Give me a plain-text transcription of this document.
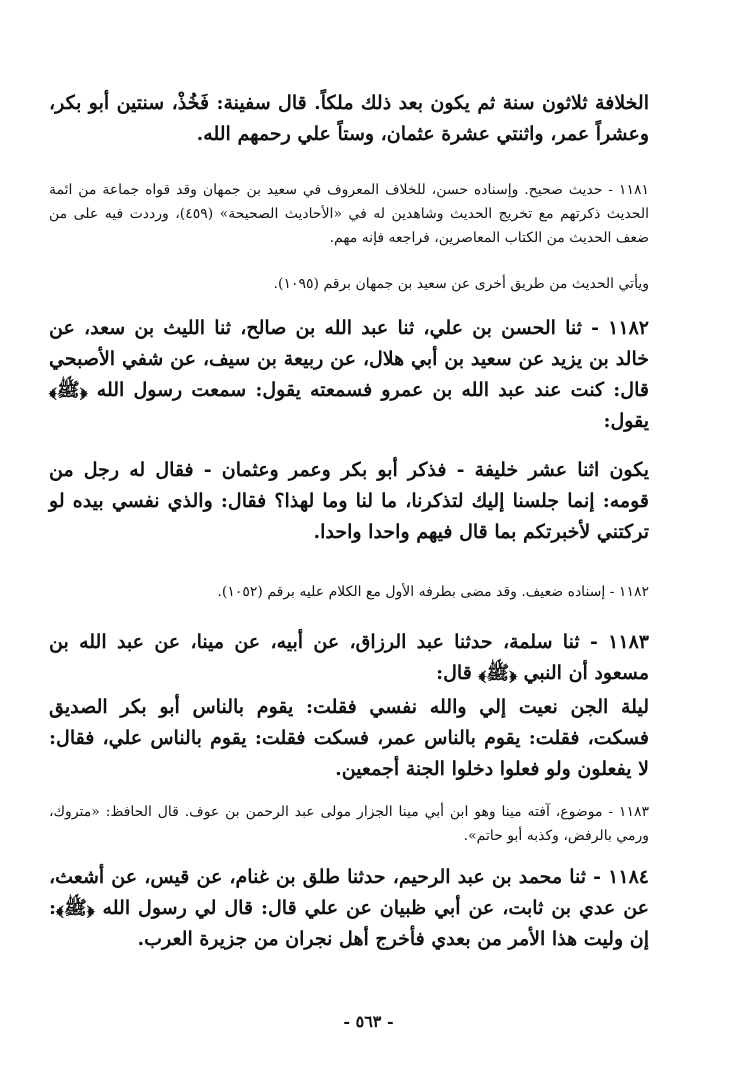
الخلافة ثلاثون سنة ثم يكون بعد ذلك ملكاً. قال سفينة: فَخُذْ، سنتين أبو بكر، وعشراً عمر، واثنتي عشرة عثمان، وستاً علي رحمهم الله.
١١٨١ - حديث صحيح. وإسناده حسن، للخلاف المعروف في سعيد بن جمهان وقد قواه جماعة من ائمة الحديث ذكرتهم مع تخريج الحديث وشاهدين له في «الأحاديث الصحيحة» (٤٥٩)، ورددت فيه على من ضعف الحديث من الكتاب المعاصرين، فراجعه فإنه مهم.
ويأتي الحديث من طريق أخرى عن سعيد بن جمهان برقم (١٠٩٥).
١١٨٢ - ثنا الحسن بن علي، ثنا عبد الله بن صالح، ثنا الليث بن سعد، عن خالد بن يزيد عن سعيد بن أبي هلال، عن ربيعة بن سيف، عن شفي الأصبحي قال: كنت عند عبد الله بن عمرو فسمعته يقول: سمعت رسول الله ﴿ﷺ﴾ يقول:
يكون اثنا عشر خليفة - فذكر أبو بكر وعمر وعثمان - فقال له رجل من قومه: إنما جلسنا إليك لتذكرنا، ما لنا وما لهذا؟ فقال: والذي نفسي بيده لو تركتني لأخبرتكم بما قال فيهم واحدا واحدا.
١١٨٢ - إسناده ضعيف. وقد مضى بطرفه الأول مع الكلام عليه برقم (١٠٥٢).
١١٨٣ - ثنا سلمة، حدثنا عبد الرزاق، عن أبيه، عن مينا، عن عبد الله بن مسعود أن النبي ﴿ﷺ﴾ قال:
ليلة الجن نعيت إلي والله نفسي فقلت: يقوم بالناس أبو بكر الصديق فسكت، فقلت: يقوم بالناس عمر، فسكت فقلت: يقوم بالناس علي، فقال: لا يفعلون ولو فعلوا دخلوا الجنة أجمعين.
١١٨٣ - موضوع، آفته مينا وهو ابن أبي مينا الجزار مولى عبد الرحمن بن عوف. قال الحافظ: «متروك، ورمي بالرفض، وكذبه أبو حاتم».
١١٨٤ - ثنا محمد بن عبد الرحيم، حدثنا طلق بن غنام، عن قيس، عن أشعث، عن عدي بن ثابت، عن أبي ظبيان عن علي قال: قال لي رسول الله ﴿ﷺ﴾: إن وليت هذا الأمر من بعدي فأخرج أهل نجران من جزيرة العرب.
- ٥٦٣ -
